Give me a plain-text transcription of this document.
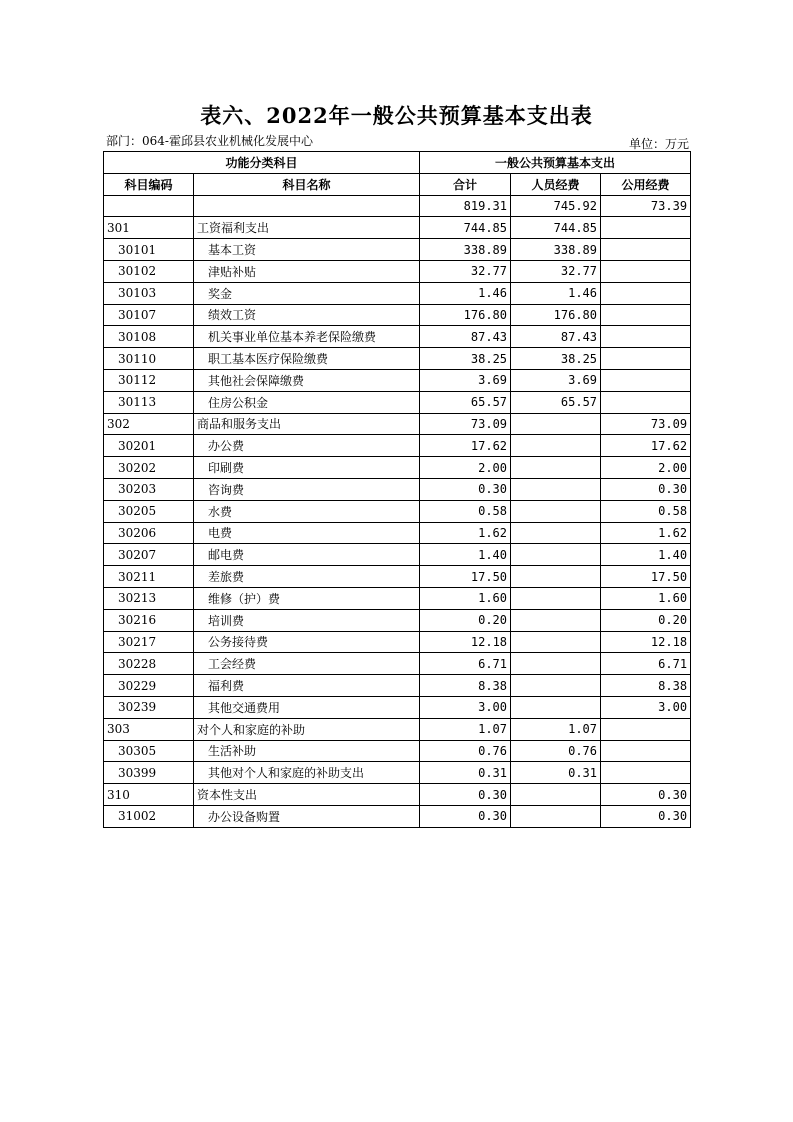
表六、2022年一般公共预算基本支出表
部门：064-霍邱县农业机械化发展中心	单位：万元
功能分类科目		一般公共预算基本支出		
科目编码	科目名称	合计	人员经费	公用经费
		819.31	745.92	73.39
301	工资福利支出	744.85	744.85	
30101	基本工资	338.89	338.89	
30102	津贴补贴	32.77	32.77	
30103	奖金	1.46	1.46	
30107	绩效工资	176.80	176.80	
30108	机关事业单位基本养老保险缴费	87.43	87.43	
30110	职工基本医疗保险缴费	38.25	38.25	
30112	其他社会保障缴费	3.69	3.69	
30113	住房公积金	65.57	65.57	
302	商品和服务支出	73.09		73.09
30201	办公费	17.62		17.62
30202	印刷费	2.00		2.00
30203	咨询费	0.30		0.30
30205	水费	0.58		0.58
30206	电费	1.62		1.62
30207	邮电费	1.40		1.40
30211	差旅费	17.50		17.50
30213	维修（护）费	1.60		1.60
30216	培训费	0.20		0.20
30217	公务接待费	12.18		12.18
30228	工会经费	6.71		6.71
30229	福利费	8.38		8.38
30239	其他交通费用	3.00		3.00
303	对个人和家庭的补助	1.07	1.07	
30305	生活补助	0.76	0.76	
30399	其他对个人和家庭的补助支出	0.31	0.31	
310	资本性支出	0.30		0.30
31002	办公设备购置	0.30		0.30
